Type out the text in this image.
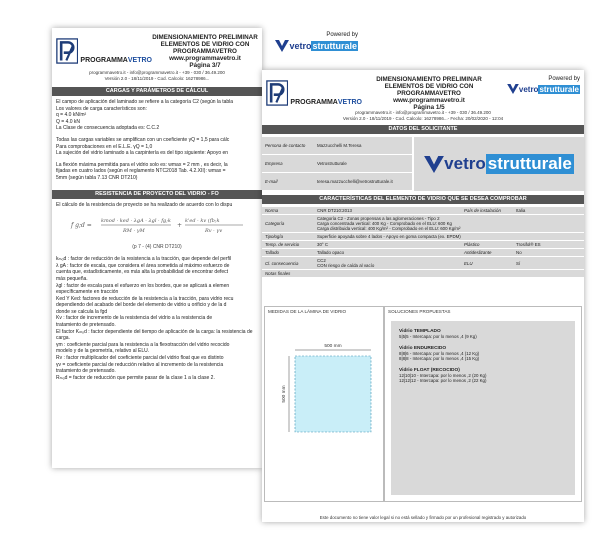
PROGRAMMAVETRO
DIMENSIONAMIENTO PRELIMINAR
ELEMENTOS DE VIDRIO CON
PROGRAMMAVETRO
www.programmavetro.it
Página 3/7
programmavetro.it - info@programmavetro.it - +39 - 030 / 36.49.200
Versión 2.0 - 18/11/2019 - Cod. Calcolo: 16278986...
CARGAS Y PARÁMETROS DE CÁLCUL
El campo de aplicación del laminado se refiere a la categoría C2 (según la tabla
Los valores de carga característicos son:
q = 4.0 kN/m²
Q = 4.0 kN
La Clase de consecuencia adoptada es: C.C.2
Todas las cargas variables se amplifican con un coeficiente γQ = 1,5 para cálc
Para comprobaciones en el E.L.E. γQ = 1,0
La sujeción del vidrio laminado a la carpintería es del tipo siguiente: Apoyo en
La flexión máxima permitida para el vidrio solo es: wmax = 2 mm , es decir, la
fijadas en cuatro lados (según el reglamento NTC2018 Tab. 4.2.XII): wmax =
5mm (según tabla 7.13 CNR DT210)
RESISTENCIA DE PROYECTO DEL VIDRIO - FO
El cálculo de la resistencia de proyecto se ha realizado de acuerdo con lo dispu
f g;d =
kmod · ked · λgA · λgl · fg;k
RM · γM
+
k'ed · kv (fb;k
Rv · γv
(p 7 - (4) CNR DT210)
kₘₒd : factor de reducción de la resistencia a la tracción, que depende del perfil
λ gA : factor de escala, que considera el área sometida al máximo esfuerzo de
cuenta que, estadísticamente, es más alta la probabilidad de encontrar defect
más pequeña.
λgl : factor de escala para el esfuerzo en los bordes, que se aplicará a elemen
específicamente en tracción
Ked Y Ked: factores de reducción de la resistencia a la tracción, para vidrio recu
dependiendo del acabado del borde del elemento de vidrio u orificio y de la d
donde se calcula la fgd
Kv : factor de incremento de la resistencia del vidrio a la resistencia de
tratamiento de pretensado.
El factor Kₘₒd : factor dependiente del tiempo de aplicación de la carga: la resistencia de
carga.
γm : coeficiente parcial para la resistencia a la flexotracción del vidrio recocido
modelo y de la geometría, relativo al ELU.
Rv : factor multiplicador del coeficiente parcial del vidrio float que es distinto
γv = coeficiente parcial de reducción relativo al incremento de la resistencia
tratamiento de pretensado.
Rₘₒd = factor de reducción que permite pasar de la clase 1 a la clase 2.
Powered by
vetro strutturale
PROGRAMMAVETRO
DIMENSIONAMIENTO PRELIMINAR
ELEMENTOS DE VIDRIO CON
PROGRAMMAVETRO
www.programmavetro.it
Página 1/5
Powered by
vetro strutturale
programmavetro.it - info@programmavetro.it - +39 - 030 / 36.49.200
Versión 2.0 - 18/11/2019 - Cod. Calcolo: 16278986...- Fecha: 20/02/2020 - 12:04
DATOS DEL SOLICITANTE
Persona de contacto	Mazzucchelli M.Teresa
Empresa	Vetrostrutturale
E-mail	teresa.mazzucchelli@vetrostrutturale.it
vetro strutturale
CARACTERÍSTICAS DEL ELEMENTO DE VIDRIO QUE SE DESEA COMPROBAR
Norma	CNR DT210:2013	País de instalación	Italia
Categoría	Categoría C2 - Zonas propensas a las aglomeraciones - Tipo 2
Carga concentrada vertical: 400 Kg - Comprobado en el ELU: 600 Kg
Carga distribuida vertical: 400 Kg/m² - Comprobado en el ELU: 600 Kg/m²		

Tipología	Superficie apoyada sobre 4 lados - Apoyo en goma compacta (ex. EPDM)		
Temp. de servicio	30° C	Plástico	Trosifol® ES
Tallado	Tallado opaco	Antideslizante	No
Cl. consecuencia	CC2
CON riesgo de caída al vacío	ELU	Sí
Notas finales			
MEDIDAS DE LA LÁMINA DE VIDRIO
500 mm
500 mm
SOLUCIONES PROPUESTAS
Vidrio TEMPLADO
5|5|5 - Intercapa: por lo menos ,4 (9 Kg)
Vidrio ENDURECIDO
8|8|6 - Intercapa: por lo menos ,4 (12 Kg)
8|8|8 - Intercapa: por lo menos ,4 (15 Kg)
Vidrio FLOAT (RECOCIDO)
12|10|10 - Intercapa: por lo menos ,2 (20 Kg)
12|12|12 - Intercapa: por lo menos ,2 (22 Kg)
Este documento no tiene valor legal si no está sellado y firmado por un profesional registrado y autorizado
